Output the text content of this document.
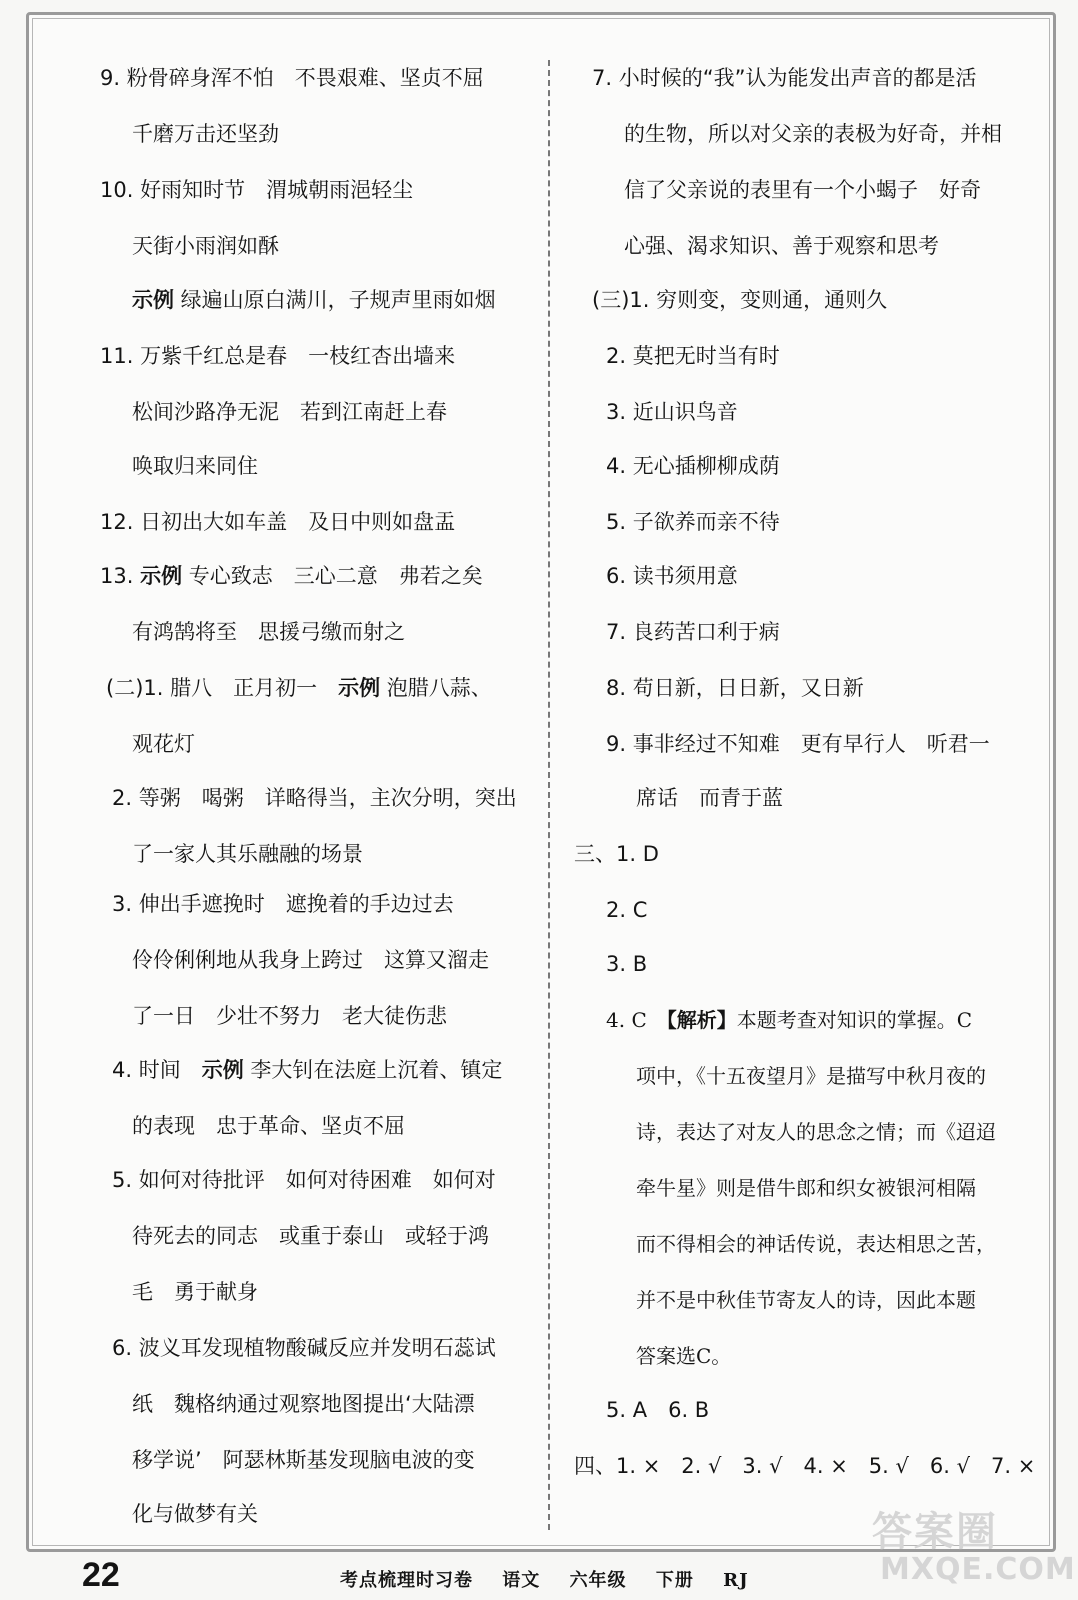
9. 粉骨碎身浑不怕　不畏艰难、坚贞不屈
千磨万击还坚劲
10. 好雨知时节　渭城朝雨浥轻尘
天街小雨润如酥
示例 绿遍山原白满川，子规声里雨如烟
11. 万紫千红总是春　一枝红杏出墙来
松间沙路净无泥　若到江南赶上春
唤取归来同住
12. 日初出大如车盖　及日中则如盘盂
13. 示例 专心致志　三心二意　弗若之矣
有鸿鹄将至　思援弓缴而射之
(二)1. 腊八　正月初一　示例 泡腊八蒜、
观花灯
2. 等粥　喝粥　详略得当，主次分明，突出
了一家人其乐融融的场景
3. 伸出手遮挽时　遮挽着的手边过去
伶伶俐俐地从我身上跨过　这算又溜走
了一日　少壮不努力　老大徒伤悲
4. 时间　示例 李大钊在法庭上沉着、镇定
的表现　忠于革命、坚贞不屈
5. 如何对待批评　如何对待困难　如何对
待死去的同志　或重于泰山　或轻于鸿
毛　勇于献身
6. 波义耳发现植物酸碱反应并发明石蕊试
纸　魏格纳通过观察地图提出‘大陆漂
移学说’　阿瑟林斯基发现脑电波的变
化与做梦有关
7. 小时候的“我”认为能发出声音的都是活
的生物，所以对父亲的表极为好奇，并相
信了父亲说的表里有一个小蝎子　好奇
心强、渴求知识、善于观察和思考
(三)1. 穷则变，变则通，通则久
2. 莫把无时当有时
3. 近山识鸟音
4. 无心插柳柳成荫
5. 子欲养而亲不待
6. 读书须用意
7. 良药苦口利于病
8. 苟日新，日日新，又日新
9. 事非经过不知难　更有早行人　听君一
席话　而青于蓝
三、1. D
2. C
3. B
4. C　【解析】本题考查对知识的掌握。C
项中，《十五夜望月》是描写中秋月夜的
诗，表达了对友人的思念之情；而《迢迢
牵牛星》则是借牛郎和织女被银河相隔
而不得相会的神话传说，表达相思之苦，
并不是中秋佳节寄友人的诗，因此本题
答案选C。
5. A　6. B
四、1. ×　2. √　3. √　4. ×　5. √　6. √　7. ×
22	考点梳理时习卷 语文 六年级 下册 RJ
答案圈
MXQE.COM
